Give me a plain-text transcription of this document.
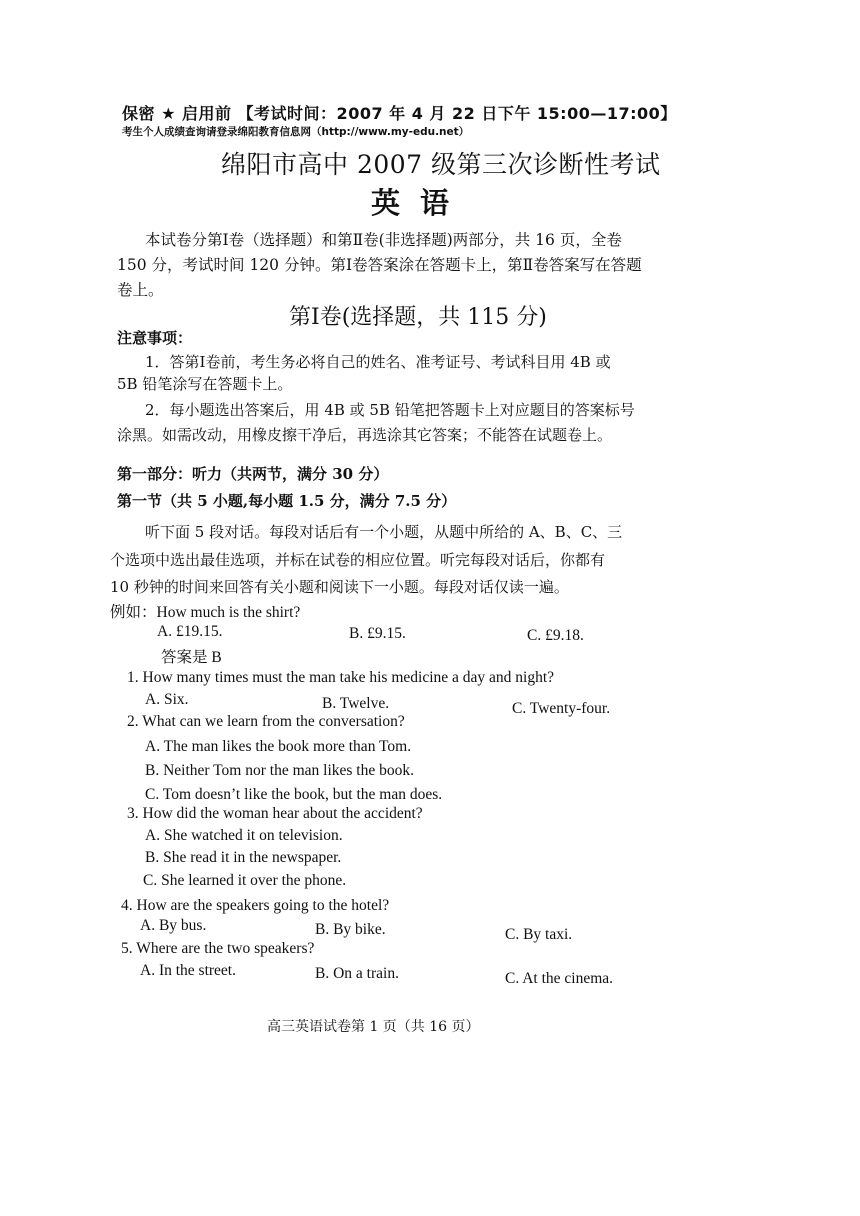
保密 ★ 启用前 【考试时间：2007 年 4 月 22 日下午 15:00—17:00】
考生个人成绩查询请登录绵阳教育信息网（http://www.my-edu.net）
绵阳市高中 2007 级第三次诊断性考试
英语
本试卷分第Ⅰ卷（选择题）和第Ⅱ卷(非选择题)两部分，共 16 页，全卷
150 分，考试时间 120 分钟。第Ⅰ卷答案涂在答题卡上，第Ⅱ卷答案写在答题
卷上。
第Ⅰ卷(选择题，共 115 分)
注意事项：
1．答第Ⅰ卷前，考生务必将自己的姓名、准考证号、考试科目用 4B 或
5B 铅笔涂写在答题卡上。
2．每小题选出答案后，用 4B 或 5B 铅笔把答题卡上对应题目的答案标号
涂黑。如需改动，用橡皮擦干净后，再选涂其它答案；不能答在试题卷上。
第一部分：听力（共两节，满分 30 分）
第一节（共 5 小题,每小题 1.5 分，满分 7.5 分）
听下面 5 段对话。每段对话后有一个小题，从题中所给的 A、B、C、三
个选项中选出最佳选项，并标在试卷的相应位置。听完每段对话后，你都有
10 秒钟的时间来回答有关小题和阅读下一小题。每段对话仅读一遍。
例如：How much is the shirt?
A. £19.15.	B. £9.15.	C. £9.18.
答案是 B
1. How many times must the man take his medicine a day and night?
A. Six.	B. Twelve.	C. Twenty-four.
2. What can we learn from the conversation?
A. The man likes the book more than Tom.
B. Neither Tom nor the man likes the book.
C. Tom doesn’t like the book, but the man does.
3. How did the woman hear about the accident?
A. She watched it on television.
B. She read it in the newspaper.
C. She learned it over the phone.
4. How are the speakers going to the hotel?
A. By bus.	B. By bike.	C. By taxi.
5. Where are the two speakers?
A. In the street.	B. On a train.	C. At the cinema.
高三英语试卷第 1 页（共 16 页）
